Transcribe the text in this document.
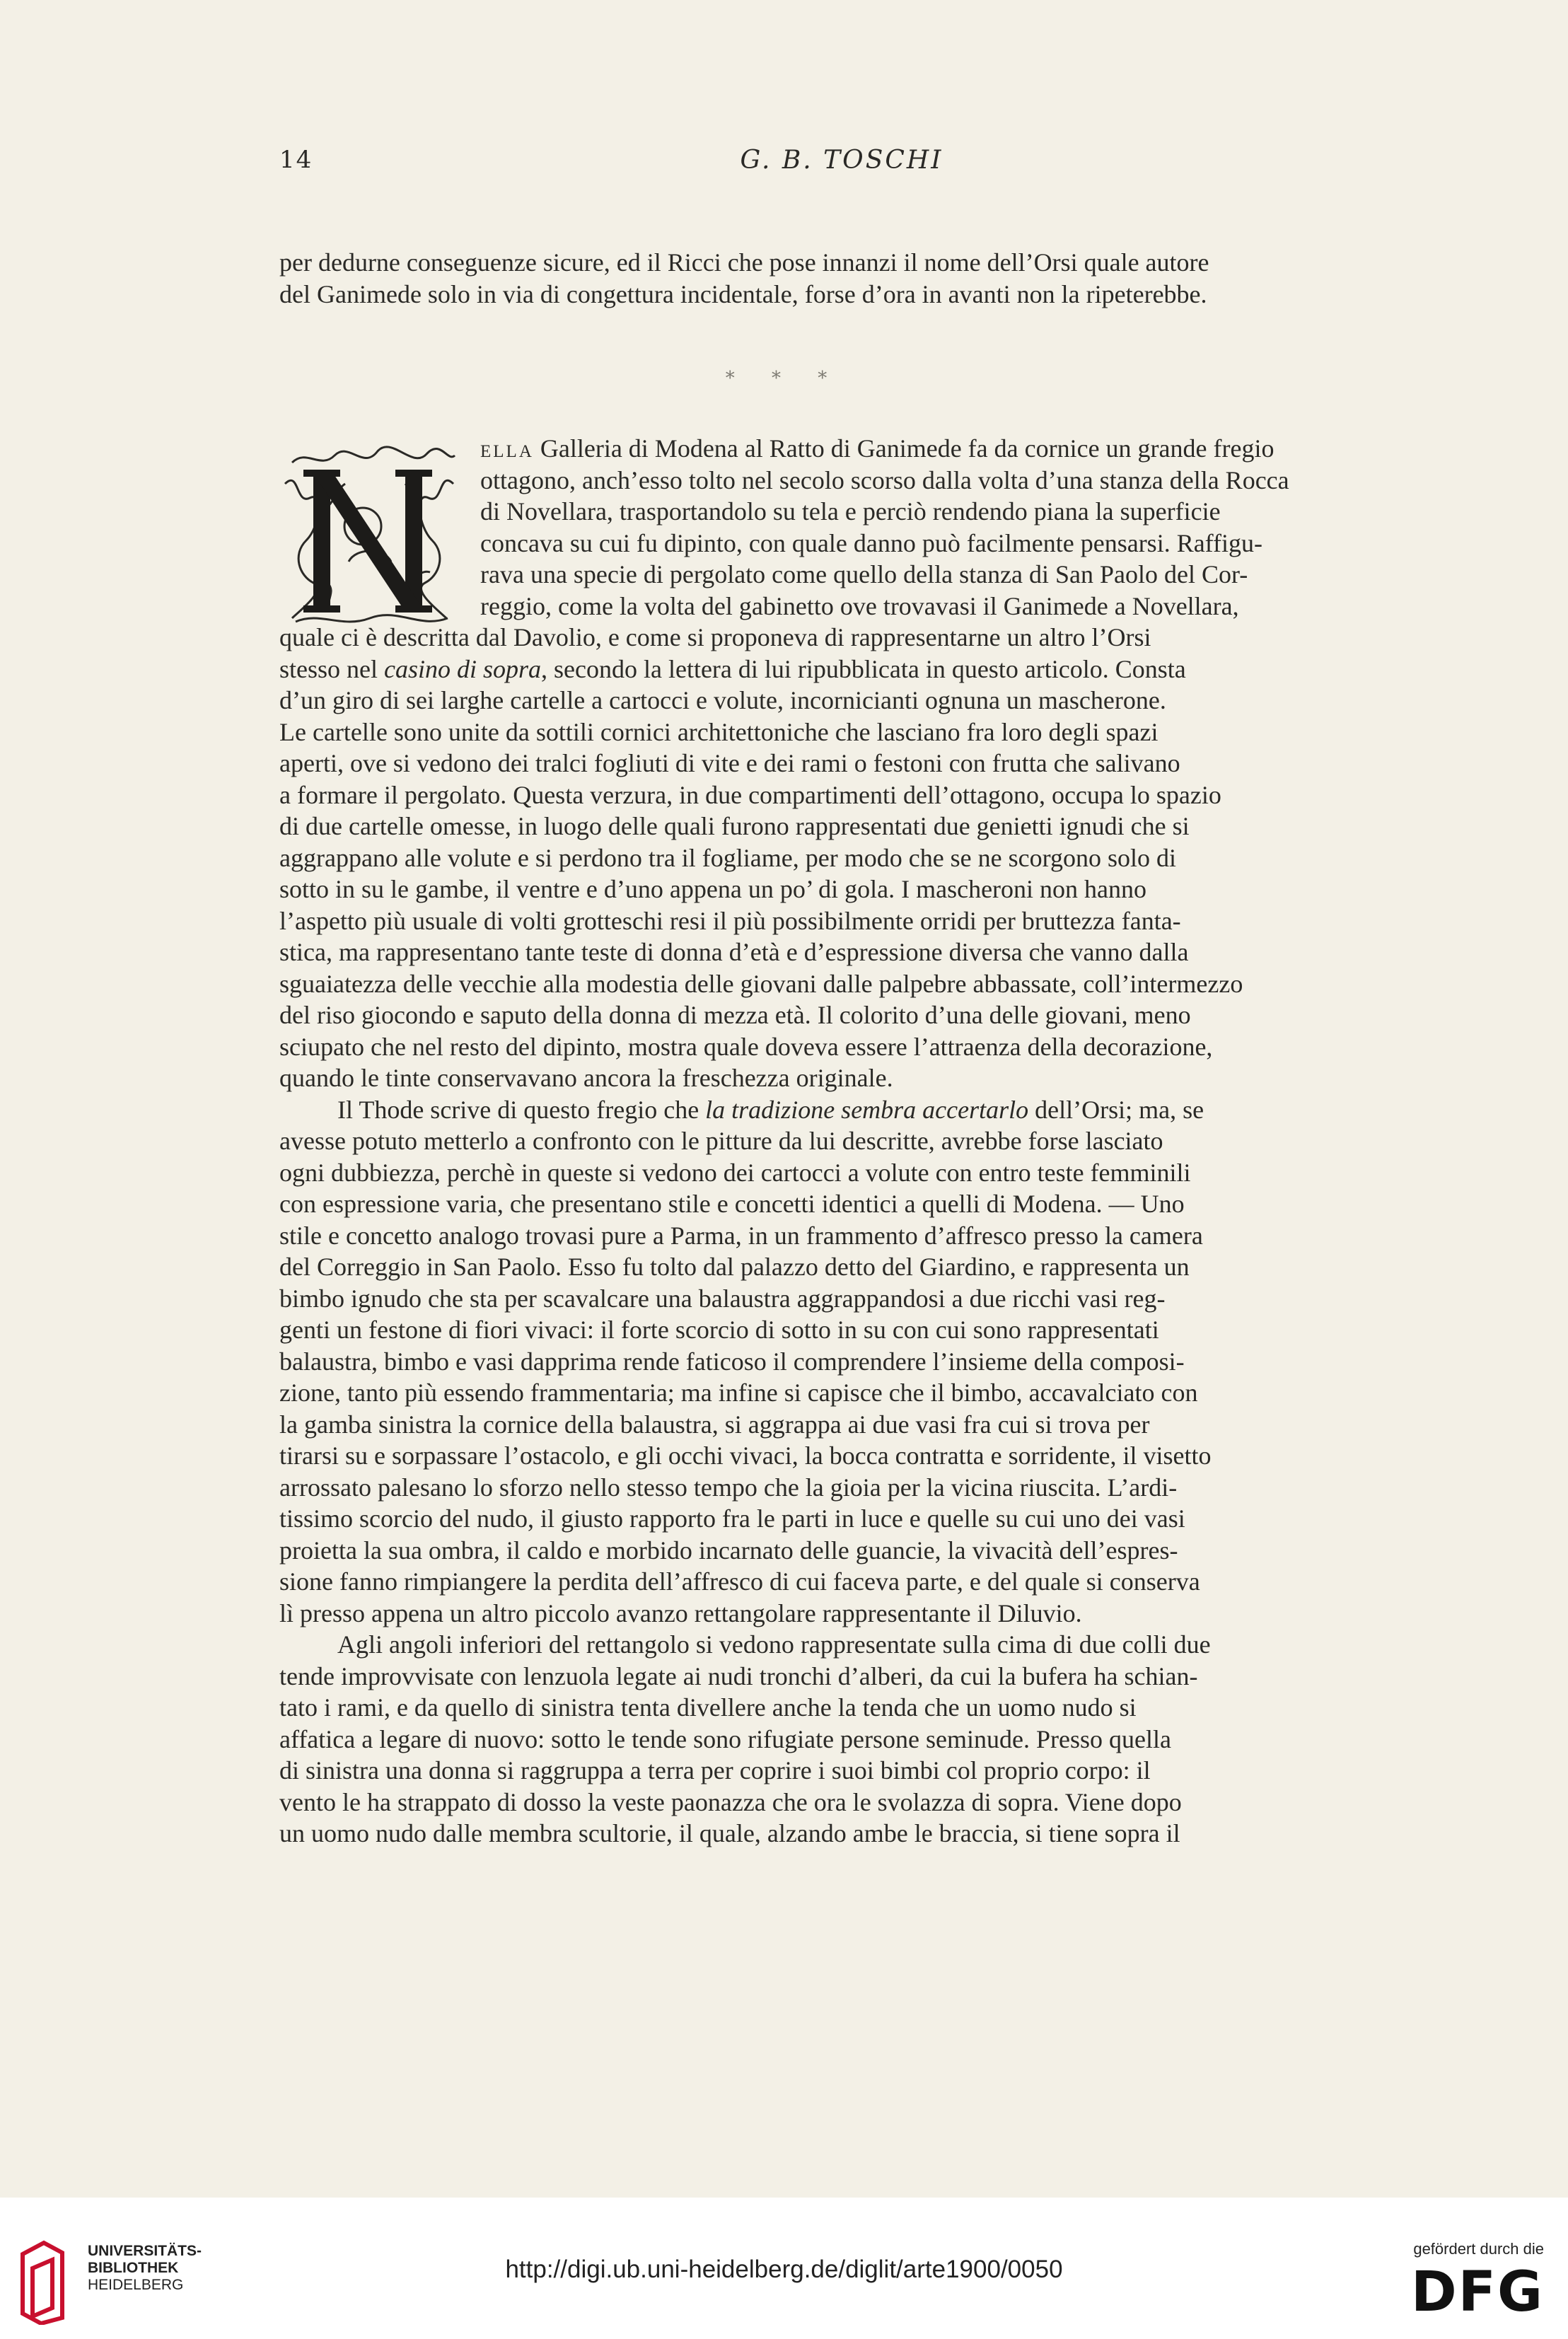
14	G. B. TOSCHI
per dedurne conseguenze sicure, ed il Ricci che pose innanzi il nome dell’Orsi quale autore
del Ganimede solo in via di congettura incidentale, forse d’ora in avanti non la ripeterebbe.
* * *
ella Galleria di Modena al Ratto di Ganimede fa da cornice un grande fregio
ottagono, anch’esso tolto nel secolo scorso dalla volta d’una stanza della Rocca
di Novellara, trasportandolo su tela e perciò rendendo piana la superficie
concava su cui fu dipinto, con quale danno può facilmente pensarsi. Raffigu-
rava una specie di pergolato come quello della stanza di San Paolo del Cor-
reggio, come la volta del gabinetto ove trovavasi il Ganimede a Novellara,
quale ci è descritta dal Davolio, e come si proponeva di rappresentarne un altro l’Orsi
stesso nel casino di sopra, secondo la lettera di lui ripubblicata in questo articolo. Consta
d’un giro di sei larghe cartelle a cartocci e volute, incornicianti ognuna un mascherone.
Le cartelle sono unite da sottili cornici architettoniche che lasciano fra loro degli spazi
aperti, ove si vedono dei tralci fogliuti di vite e dei rami o festoni con frutta che salivano
a formare il pergolato. Questa verzura, in due compartimenti dell’ottagono, occupa lo spazio
di due cartelle omesse, in luogo delle quali furono rappresentati due genietti ignudi che si
aggrappano alle volute e si perdono tra il fogliame, per modo che se ne scorgono solo di
sotto in su le gambe, il ventre e d’uno appena un po’ di gola. I mascheroni non hanno
l’aspetto più usuale di volti grotteschi resi il più possibilmente orridi per bruttezza fanta-
stica, ma rappresentano tante teste di donna d’età e d’espressione diversa che vanno dalla
sguaiatezza delle vecchie alla modestia delle giovani dalle palpebre abbassate, coll’intermezzo
del riso giocondo e saputo della donna di mezza età. Il colorito d’una delle giovani, meno
sciupato che nel resto del dipinto, mostra quale doveva essere l’attraenza della decorazione,
quando le tinte conservavano ancora la freschezza originale.
Il Thode scrive di questo fregio che la tradizione sembra accertarlo dell’Orsi; ma, se
avesse potuto metterlo a confronto con le pitture da lui descritte, avrebbe forse lasciato
ogni dubbiezza, perchè in queste si vedono dei cartocci a volute con entro teste femminili
con espressione varia, che presentano stile e concetti identici a quelli di Modena. — Uno
stile e concetto analogo trovasi pure a Parma, in un frammento d’affresco presso la camera
del Correggio in San Paolo. Esso fu tolto dal palazzo detto del Giardino, e rappresenta un
bimbo ignudo che sta per scavalcare una balaustra aggrappandosi a due ricchi vasi reg-
genti un festone di fiori vivaci: il forte scorcio di sotto in su con cui sono rappresentati
balaustra, bimbo e vasi dapprima rende faticoso il comprendere l’insieme della composi-
zione, tanto più essendo frammentaria; ma infine si capisce che il bimbo, accavalciato con
la gamba sinistra la cornice della balaustra, si aggrappa ai due vasi fra cui si trova per
tirarsi su e sorpassare l’ostacolo, e gli occhi vivaci, la bocca contratta e sorridente, il visetto
arrossato palesano lo sforzo nello stesso tempo che la gioia per la vicina riuscita. L’ardi-
tissimo scorcio del nudo, il giusto rapporto fra le parti in luce e quelle su cui uno dei vasi
proietta la sua ombra, il caldo e morbido incarnato delle guancie, la vivacità dell’espres-
sione fanno rimpiangere la perdita dell’affresco di cui faceva parte, e del quale si conserva
lì presso appena un altro piccolo avanzo rettangolare rappresentante il Diluvio.
Agli angoli inferiori del rettangolo si vedono rappresentate sulla cima di due colli due
tende improvvisate con lenzuola legate ai nudi tronchi d’alberi, da cui la bufera ha schian-
tato i rami, e da quello di sinistra tenta divellere anche la tenda che un uomo nudo si
affatica a legare di nuovo: sotto le tende sono rifugiate persone seminude. Presso quella
di sinistra una donna si raggruppa a terra per coprire i suoi bimbi col proprio corpo: il
vento le ha strappato di dosso la veste paonazza che ora le svolazza di sopra. Viene dopo
un uomo nudo dalle membra scultorie, il quale, alzando ambe le braccia, si tiene sopra il
UNIVERSITÄTS-
BIBLIOTHEK
HEIDELBERG
http://digi.ub.uni-heidelberg.de/diglit/arte1900/0050
gefördert durch die
DFG
